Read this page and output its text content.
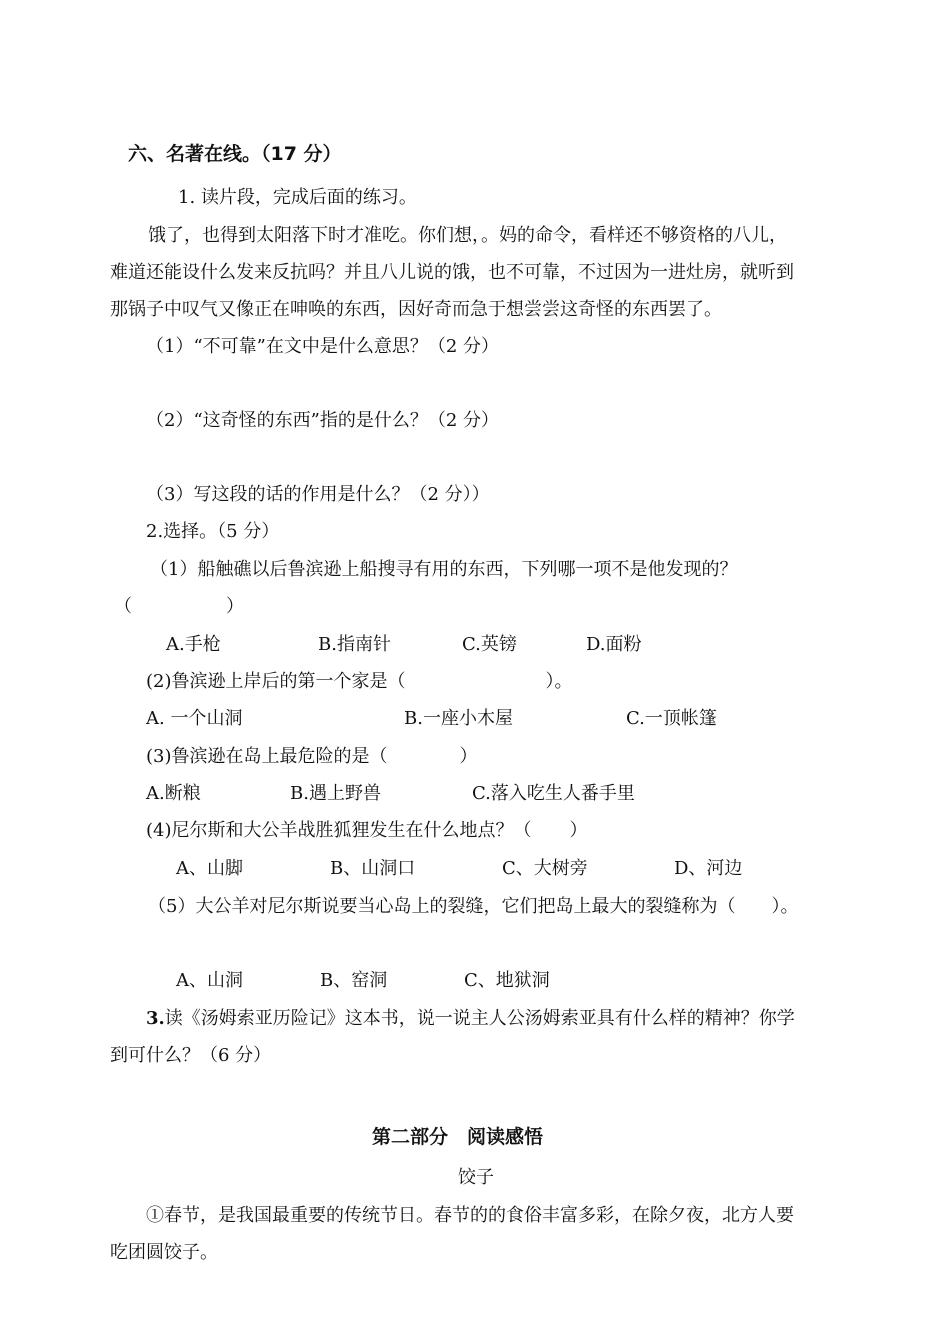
六、名著在线。（17 分）
1. 读片段，完成后面的练习。
饿了，也得到太阳落下时才准吃。你们想，。妈的命令，看样还不够资格的八儿，
难道还能设什么发来反抗吗？并且八儿说的饿，也不可靠，不过因为一进灶房，就听到
那锅子中叹气又像正在呻唤的东西，因好奇而急于想尝尝这奇怪的东西罢了。
（1）“不可靠”在文中是什么意思？（2 分）
（2）“这奇怪的东西”指的是什么？（2 分）
（3）写这段的话的作用是什么？（2 分））
2.选择。（5 分）
（1）船触礁以后鲁滨逊上船搜寻有用的东西，下列哪一项不是他发现的？
（	）
A.手枪	B.指南针	C.英镑	D.面粉
(2)鲁滨逊上岸后的第一个家是（	）。
A. 一个山洞	B.一座小木屋	C.一顶帐篷
(3)鲁滨逊在岛上最危险的是（	）
A.断粮	B.遇上野兽	C.落入吃生人番手里
(4)尼尔斯和大公羊战胜狐狸发生在什么地点？（ ）
A、山脚	B、山洞口	C、大树旁	D、河边
（5）大公羊对尼尔斯说要当心岛上的裂缝，它们把岛上最大的裂缝称为（ ）。
A、山洞	B、窑洞	C、地狱洞
3.读《汤姆索亚历险记》这本书，说一说主人公汤姆索亚具有什么样的精神？你学
到可什么？（6 分）
第二部分　阅读感悟
饺子
①春节，是我国最重要的传统节日。春节的的食俗丰富多彩，在除夕夜，北方人要
吃团圆饺子。
